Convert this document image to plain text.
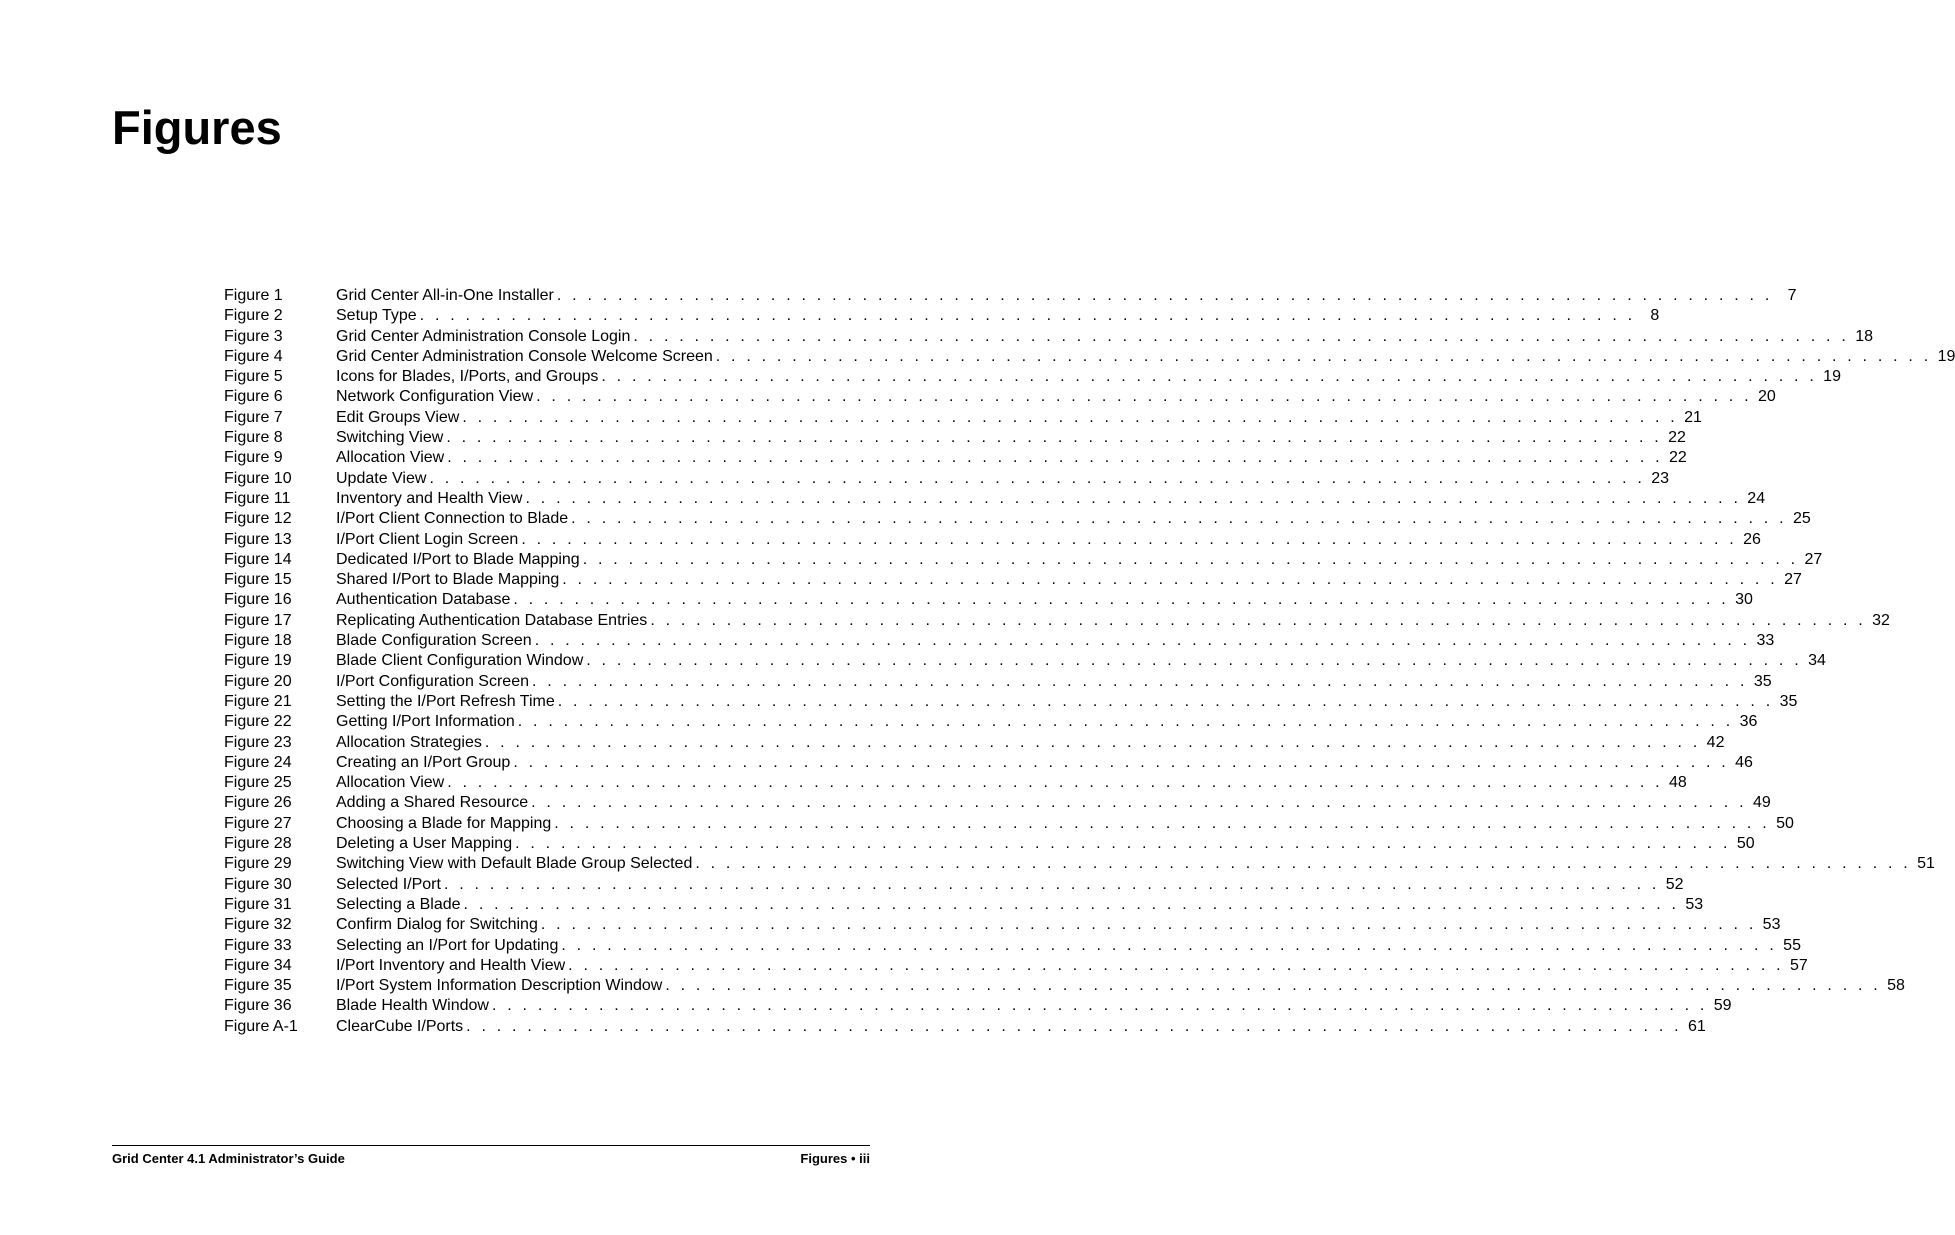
Figures
Figure 1	Grid Center All-in-One Installer . . . . . . . . . . . . . . . . . . . . . . . . . . . . . . . . . . . . . . . . . . . . . . . . . . . . . . . . . . . . . . . . . . . . . . . . . . . . . . . . 7
Figure 2	Setup Type . . . . . . . . . . . . . . . . . . . . . . . . . . . . . . . . . . . . . . . . . . . . . . . . . . . . . . . . . . . . . . . . . . . . . . . . . . . . . . . . 8
Figure 3	Grid Center Administration Console Login . . . . . . . . . . . . . . . . . . . . . . . . . . . . . . . . . . . . . . . . . . . . . . . . . . . . . . . . . . . . . . . . . . . . . . . . . . . . . . . . 18
Figure 4	Grid Center Administration Console Welcome Screen . . . . . . . . . . . . . . . . . . . . . . . . . . . . . . . . . . . . . . . . . . . . . . . . . . . . . . . . . . . . . . . . . . . . . . . . . . . . . . . . 19
Figure 5	Icons for Blades, I/Ports, and Groups . . . . . . . . . . . . . . . . . . . . . . . . . . . . . . . . . . . . . . . . . . . . . . . . . . . . . . . . . . . . . . . . . . . . . . . . . . . . . . . . 19
Figure 6	Network Configuration View . . . . . . . . . . . . . . . . . . . . . . . . . . . . . . . . . . . . . . . . . . . . . . . . . . . . . . . . . . . . . . . . . . . . . . . . . . . . . . . . 20
Figure 7	Edit Groups View . . . . . . . . . . . . . . . . . . . . . . . . . . . . . . . . . . . . . . . . . . . . . . . . . . . . . . . . . . . . . . . . . . . . . . . . . . . . . . . . 21
Figure 8	Switching View . . . . . . . . . . . . . . . . . . . . . . . . . . . . . . . . . . . . . . . . . . . . . . . . . . . . . . . . . . . . . . . . . . . . . . . . . . . . . . . . 22
Figure 9	Allocation View . . . . . . . . . . . . . . . . . . . . . . . . . . . . . . . . . . . . . . . . . . . . . . . . . . . . . . . . . . . . . . . . . . . . . . . . . . . . . . . . 22
Figure 10	Update View . . . . . . . . . . . . . . . . . . . . . . . . . . . . . . . . . . . . . . . . . . . . . . . . . . . . . . . . . . . . . . . . . . . . . . . . . . . . . . . . 23
Figure 11	Inventory and Health View . . . . . . . . . . . . . . . . . . . . . . . . . . . . . . . . . . . . . . . . . . . . . . . . . . . . . . . . . . . . . . . . . . . . . . . . . . . . . . . . 24
Figure 12	I/Port Client Connection to Blade . . . . . . . . . . . . . . . . . . . . . . . . . . . . . . . . . . . . . . . . . . . . . . . . . . . . . . . . . . . . . . . . . . . . . . . . . . . . . . . . 25
Figure 13	I/Port Client Login Screen . . . . . . . . . . . . . . . . . . . . . . . . . . . . . . . . . . . . . . . . . . . . . . . . . . . . . . . . . . . . . . . . . . . . . . . . . . . . . . . . 26
Figure 14	Dedicated I/Port to Blade Mapping . . . . . . . . . . . . . . . . . . . . . . . . . . . . . . . . . . . . . . . . . . . . . . . . . . . . . . . . . . . . . . . . . . . . . . . . . . . . . . . . 27
Figure 15	Shared I/Port to Blade Mapping . . . . . . . . . . . . . . . . . . . . . . . . . . . . . . . . . . . . . . . . . . . . . . . . . . . . . . . . . . . . . . . . . . . . . . . . . . . . . . . . 27
Figure 16	Authentication Database . . . . . . . . . . . . . . . . . . . . . . . . . . . . . . . . . . . . . . . . . . . . . . . . . . . . . . . . . . . . . . . . . . . . . . . . . . . . . . . . 30
Figure 17	Replicating Authentication Database Entries . . . . . . . . . . . . . . . . . . . . . . . . . . . . . . . . . . . . . . . . . . . . . . . . . . . . . . . . . . . . . . . . . . . . . . . . . . . . . . . . 32
Figure 18	Blade Configuration Screen . . . . . . . . . . . . . . . . . . . . . . . . . . . . . . . . . . . . . . . . . . . . . . . . . . . . . . . . . . . . . . . . . . . . . . . . . . . . . . . . 33
Figure 19	Blade Client Configuration Window . . . . . . . . . . . . . . . . . . . . . . . . . . . . . . . . . . . . . . . . . . . . . . . . . . . . . . . . . . . . . . . . . . . . . . . . . . . . . . . . 34
Figure 20	I/Port Configuration Screen . . . . . . . . . . . . . . . . . . . . . . . . . . . . . . . . . . . . . . . . . . . . . . . . . . . . . . . . . . . . . . . . . . . . . . . . . . . . . . . . 35
Figure 21	Setting the I/Port Refresh Time . . . . . . . . . . . . . . . . . . . . . . . . . . . . . . . . . . . . . . . . . . . . . . . . . . . . . . . . . . . . . . . . . . . . . . . . . . . . . . . . 35
Figure 22	Getting I/Port Information . . . . . . . . . . . . . . . . . . . . . . . . . . . . . . . . . . . . . . . . . . . . . . . . . . . . . . . . . . . . . . . . . . . . . . . . . . . . . . . . 36
Figure 23	Allocation Strategies . . . . . . . . . . . . . . . . . . . . . . . . . . . . . . . . . . . . . . . . . . . . . . . . . . . . . . . . . . . . . . . . . . . . . . . . . . . . . . . . 42
Figure 24	Creating an I/Port Group . . . . . . . . . . . . . . . . . . . . . . . . . . . . . . . . . . . . . . . . . . . . . . . . . . . . . . . . . . . . . . . . . . . . . . . . . . . . . . . . 46
Figure 25	Allocation View . . . . . . . . . . . . . . . . . . . . . . . . . . . . . . . . . . . . . . . . . . . . . . . . . . . . . . . . . . . . . . . . . . . . . . . . . . . . . . . . 48
Figure 26	Adding a Shared Resource . . . . . . . . . . . . . . . . . . . . . . . . . . . . . . . . . . . . . . . . . . . . . . . . . . . . . . . . . . . . . . . . . . . . . . . . . . . . . . . . 49
Figure 27	Choosing a Blade for Mapping . . . . . . . . . . . . . . . . . . . . . . . . . . . . . . . . . . . . . . . . . . . . . . . . . . . . . . . . . . . . . . . . . . . . . . . . . . . . . . . . 50
Figure 28	Deleting a User Mapping . . . . . . . . . . . . . . . . . . . . . . . . . . . . . . . . . . . . . . . . . . . . . . . . . . . . . . . . . . . . . . . . . . . . . . . . . . . . . . . . 50
Figure 29	Switching View with Default Blade Group Selected . . . . . . . . . . . . . . . . . . . . . . . . . . . . . . . . . . . . . . . . . . . . . . . . . . . . . . . . . . . . . . . . . . . . . . . . . . . . . . . . 51
Figure 30	Selected I/Port . . . . . . . . . . . . . . . . . . . . . . . . . . . . . . . . . . . . . . . . . . . . . . . . . . . . . . . . . . . . . . . . . . . . . . . . . . . . . . . . 52
Figure 31	Selecting a Blade . . . . . . . . . . . . . . . . . . . . . . . . . . . . . . . . . . . . . . . . . . . . . . . . . . . . . . . . . . . . . . . . . . . . . . . . . . . . . . . . 53
Figure 32	Confirm Dialog for Switching . . . . . . . . . . . . . . . . . . . . . . . . . . . . . . . . . . . . . . . . . . . . . . . . . . . . . . . . . . . . . . . . . . . . . . . . . . . . . . . . 53
Figure 33	Selecting an I/Port for Updating . . . . . . . . . . . . . . . . . . . . . . . . . . . . . . . . . . . . . . . . . . . . . . . . . . . . . . . . . . . . . . . . . . . . . . . . . . . . . . . . 55
Figure 34	I/Port Inventory and Health View . . . . . . . . . . . . . . . . . . . . . . . . . . . . . . . . . . . . . . . . . . . . . . . . . . . . . . . . . . . . . . . . . . . . . . . . . . . . . . . . 57
Figure 35	I/Port System Information Description Window . . . . . . . . . . . . . . . . . . . . . . . . . . . . . . . . . . . . . . . . . . . . . . . . . . . . . . . . . . . . . . . . . . . . . . . . . . . . . . . . 58
Figure 36	Blade Health Window . . . . . . . . . . . . . . . . . . . . . . . . . . . . . . . . . . . . . . . . . . . . . . . . . . . . . . . . . . . . . . . . . . . . . . . . . . . . . . . . 59
Figure A-1	ClearCube I/Ports . . . . . . . . . . . . . . . . . . . . . . . . . . . . . . . . . . . . . . . . . . . . . . . . . . . . . . . . . . . . . . . . . . . . . . . . . . . . . . . . 61
Grid Center 4.1 Administrator’s Guide	Figures • iii
